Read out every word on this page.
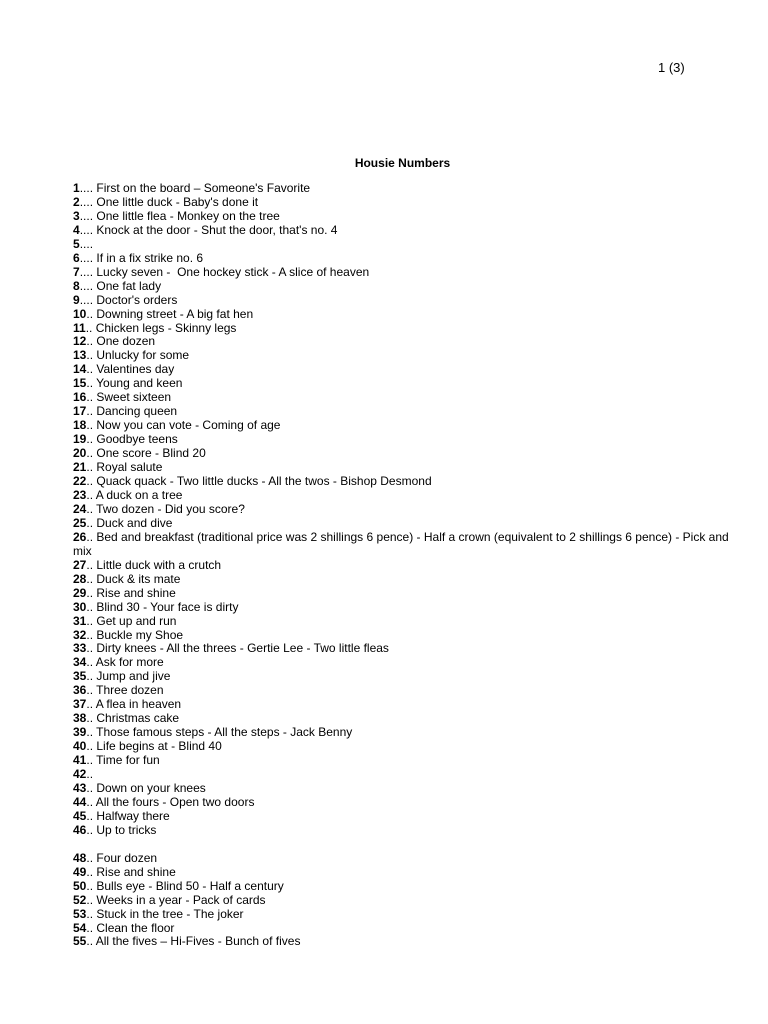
1 (3)
Housie Numbers
1.... First on the board – Someone's Favorite
2.... One little duck - Baby's done it
3.... One little flea - Monkey on the tree
4.... Knock at the door - Shut the door, that's no. 4
5....
6.... If in a fix strike no. 6
7.... Lucky seven -  One hockey stick - A slice of heaven
8.... One fat lady
9.... Doctor's orders
10.. Downing street - A big fat hen
11.. Chicken legs - Skinny legs
12.. One dozen
13.. Unlucky for some
14.. Valentines day
15.. Young and keen
16.. Sweet sixteen
17.. Dancing queen
18.. Now you can vote - Coming of age
19.. Goodbye teens
20.. One score - Blind 20
21.. Royal salute
22.. Quack quack - Two little ducks - All the twos - Bishop Desmond
23.. A duck on a tree
24.. Two dozen - Did you score?
25.. Duck and dive
26.. Bed and breakfast (traditional price was 2 shillings 6 pence) - Half a crown (equivalent to 2 shillings 6 pence) - Pick and mix
27.. Little duck with a crutch
28.. Duck & its mate
29.. Rise and shine
30.. Blind 30 - Your face is dirty
31.. Get up and run
32.. Buckle my Shoe
33.. Dirty knees - All the threes - Gertie Lee - Two little fleas
34.. Ask for more
35.. Jump and jive
36.. Three dozen
37.. A flea in heaven
38.. Christmas cake
39.. Those famous steps - All the steps - Jack Benny
40.. Life begins at - Blind 40
41.. Time for fun
42..
43.. Down on your knees
44.. All the fours - Open two doors
45.. Halfway there
46.. Up to tricks
48.. Four dozen
49.. Rise and shine
50.. Bulls eye - Blind 50 - Half a century
52.. Weeks in a year - Pack of cards
53.. Stuck in the tree - The joker
54.. Clean the floor
55.. All the fives – Hi-Fives - Bunch of fives
